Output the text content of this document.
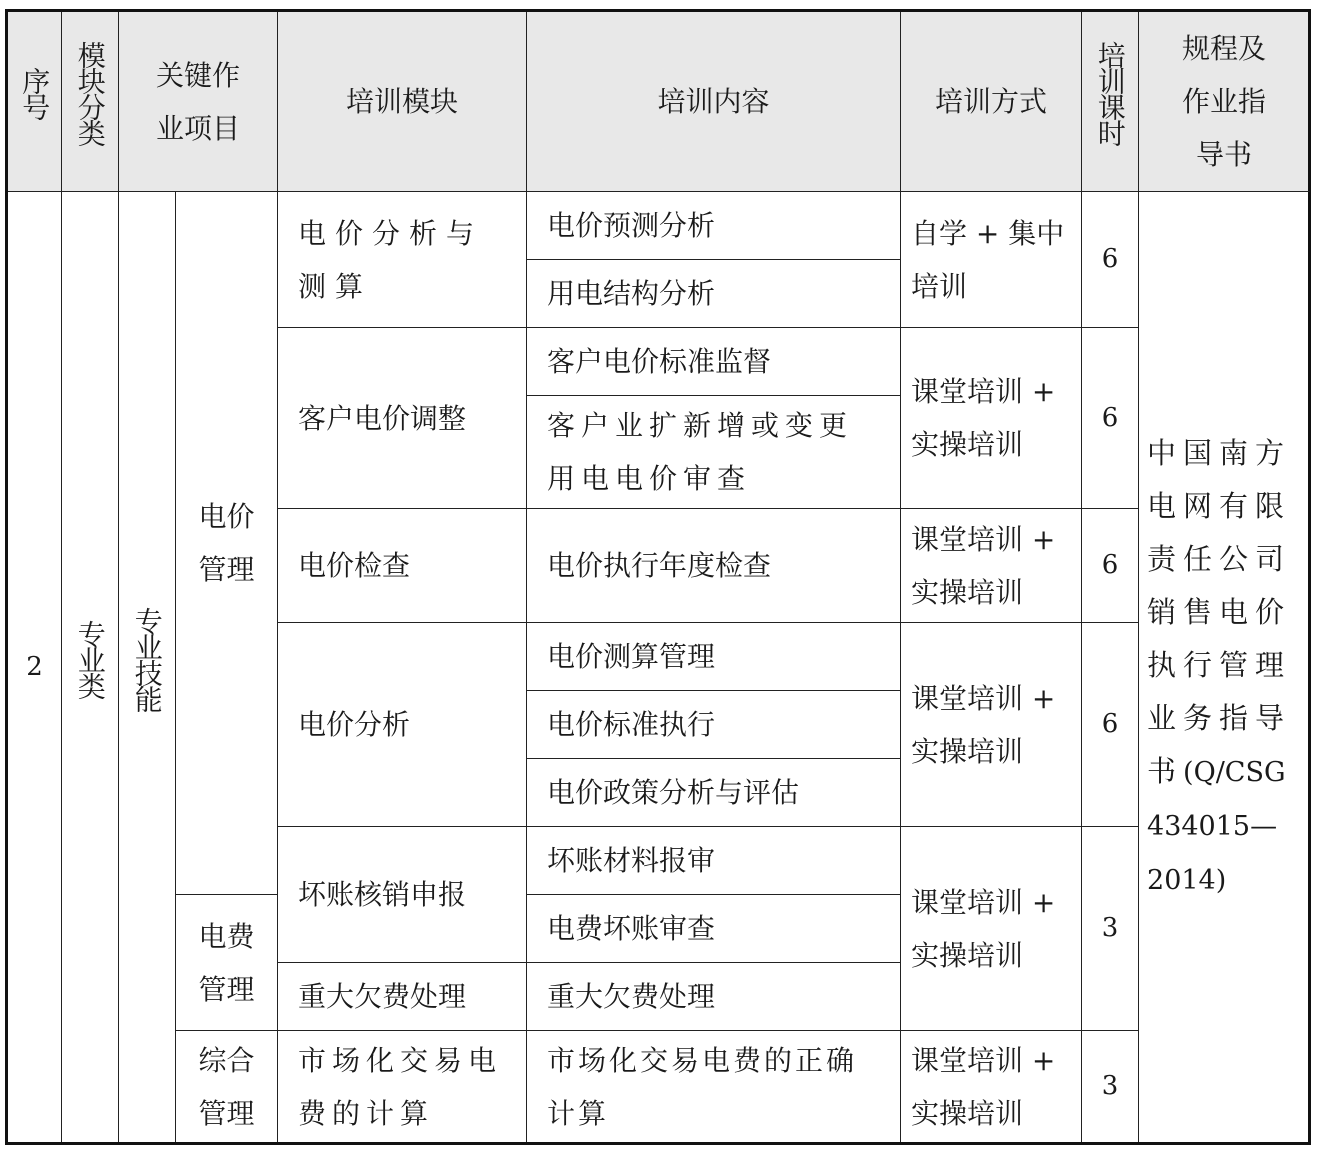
序号	模块分类	关键作业项目		培训模块	培训内容	培训方式	培训课时	规程及作业指导书	

2	专业类	专业技能	电价管理	电价分析与测算	电价预测分析	自学 + 集中培训	6	中国南方电网有限责任公司销售电价执行管理业务指导书(Q/CSG 434015—2014)	
					用电结构分析				
				客户电价调整	客户电价标准监督	课堂培训 + 实操培训	6		
					客户业扩新增或变更用电电价审查				
				电价检查	电价执行年度检查	课堂培训 + 实操培训	6		
				电价分析	电价测算管理	课堂培训 + 实操培训	6		
					电价标准执行				
					电价政策分析与评估				
				坏账核销申报	坏账材料报审	课堂培训 + 实操培训	3		

			电费管理		电费坏账审查				
				重大欠费处理	重大欠费处理				

			综合管理	市场化交易电费的计算	市场化交易电费的正确计算	课堂培训 + 实操培训	3		
